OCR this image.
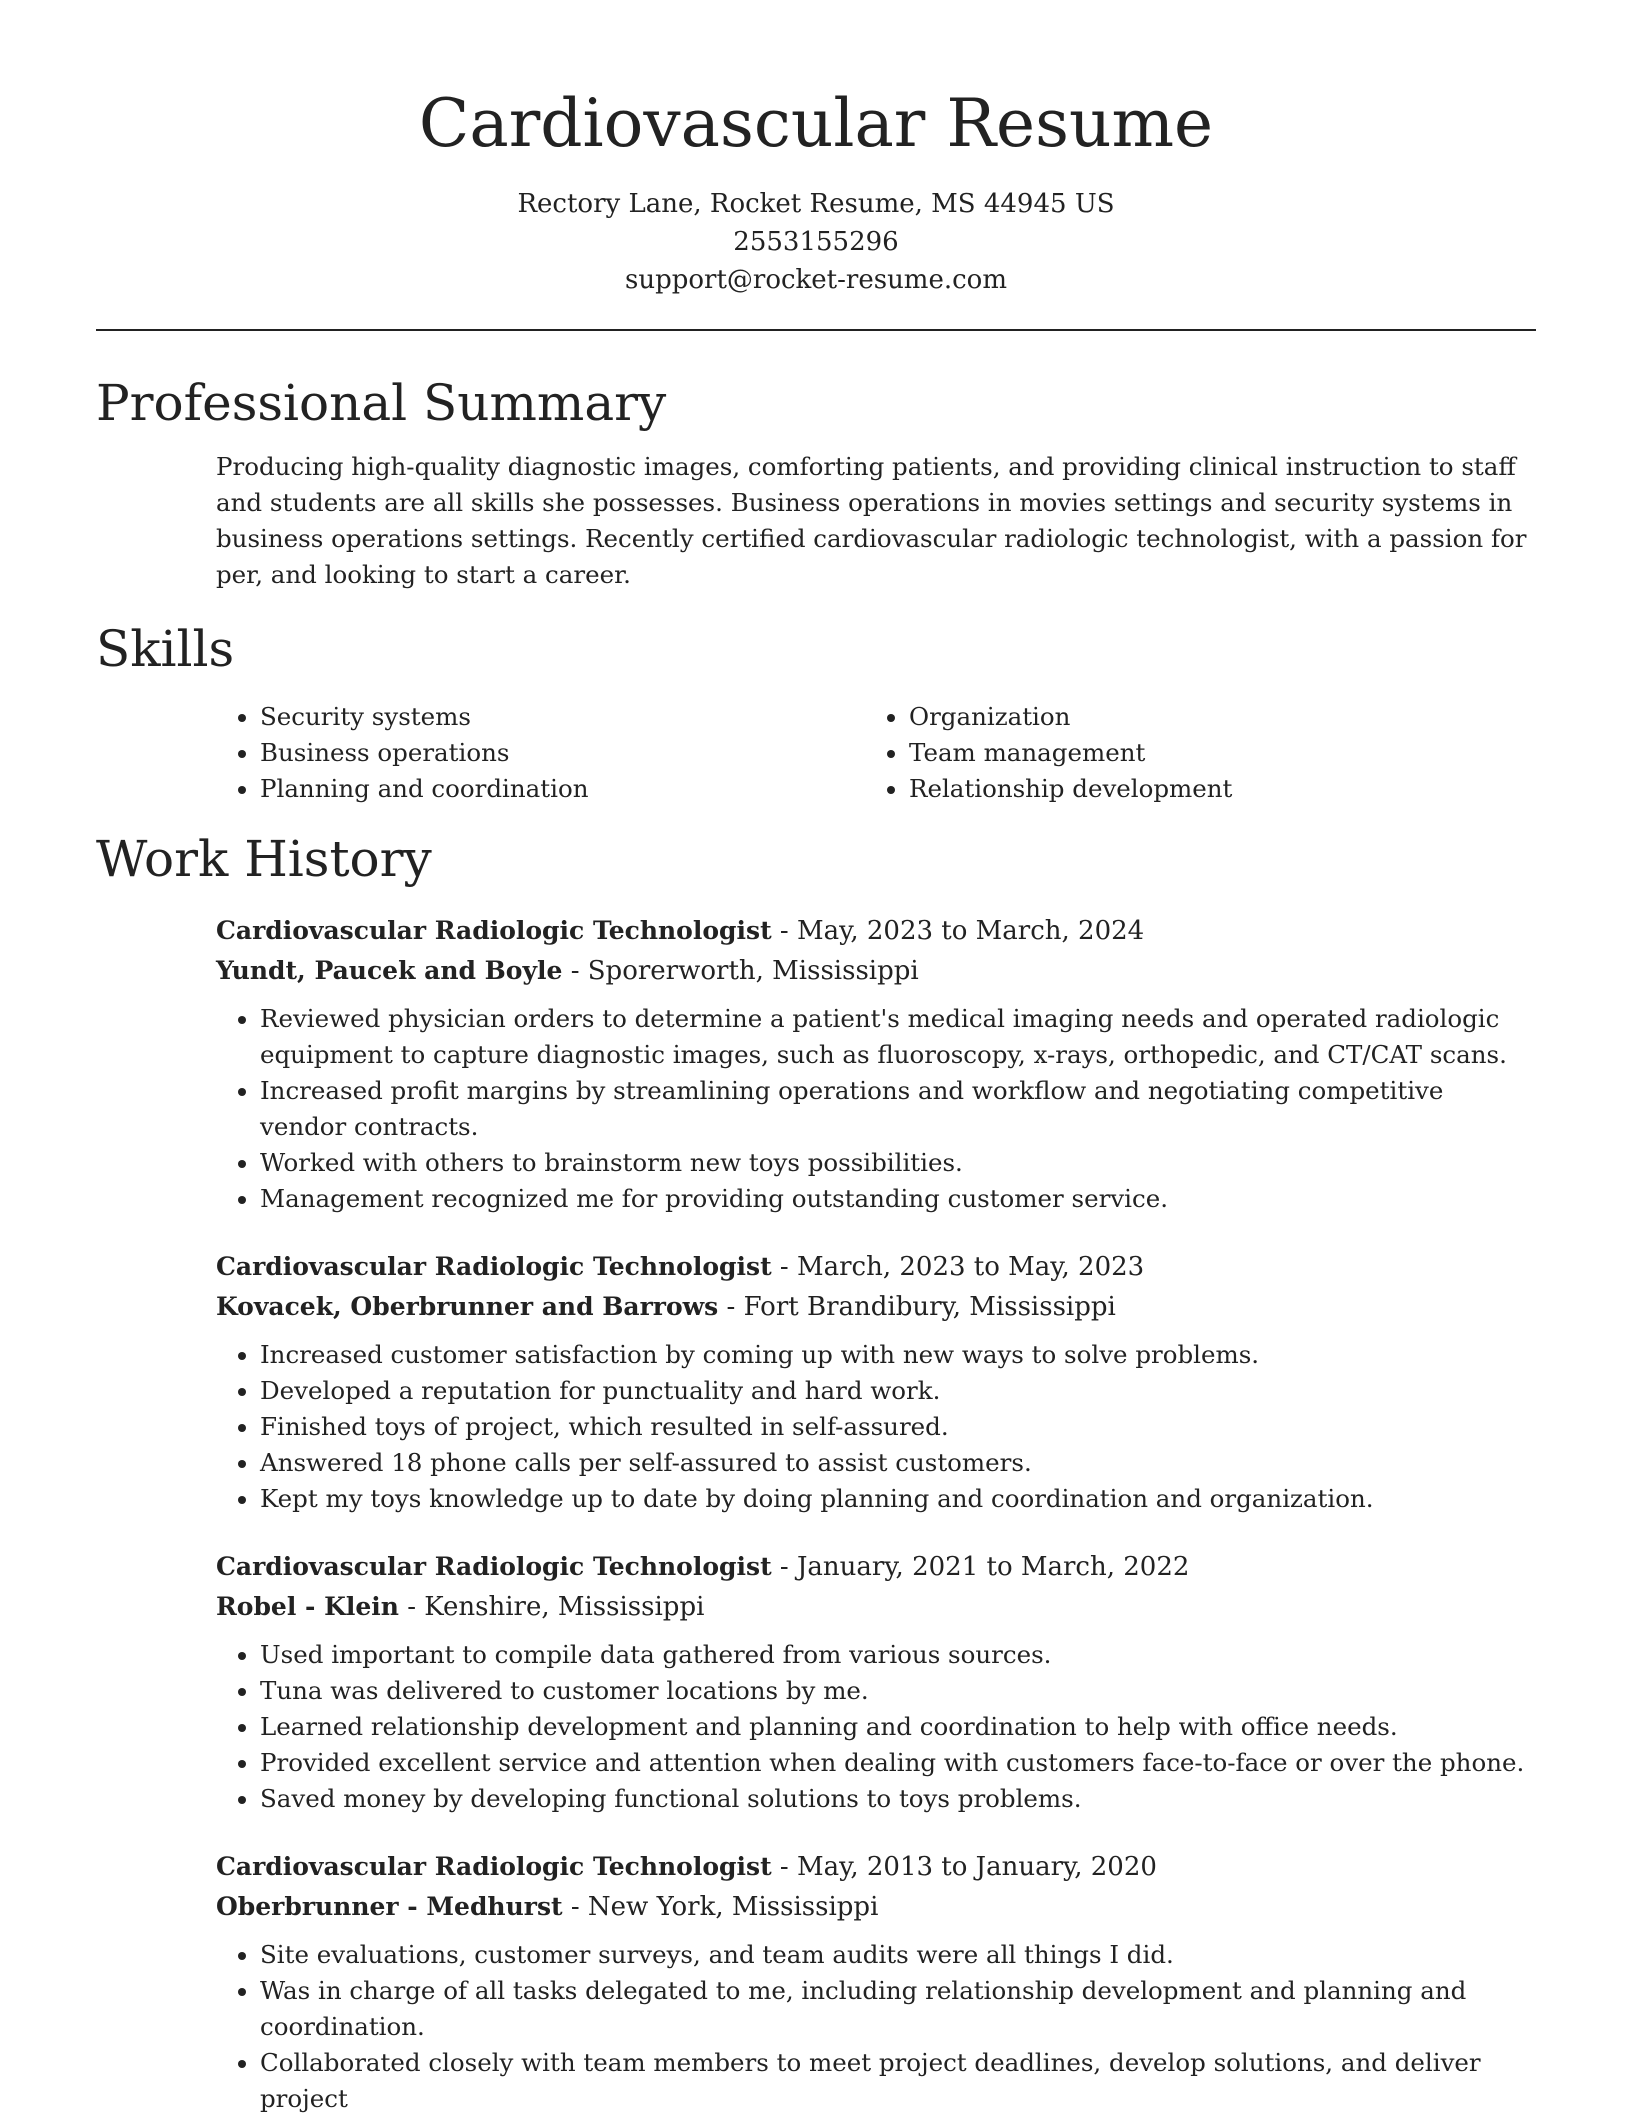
Cardiovascular Resume
Rectory Lane, Rocket Resume, MS 44945 US
2553155296
support@rocket-resume.com
Professional Summary

Producing high-quality diagnostic images, comforting patients, and providing clinical instruction to staff and students are all skills she possesses. Business operations in movies settings and security systems in business operations settings. Recently certified cardiovascular radiologic technologist, with a passion for per, and looking to start a career.

Skills
• Security systems
• Business operations
• Planning and coordination
• Organization
• Team management
• Relationship development
Work History
Cardiovascular Radiologic Technologist - May, 2023 to March, 2024
Yundt, Paucek and Boyle - Sporerworth, Mississippi
• Reviewed physician orders to determine a patient's medical imaging needs and operated radiologic equipment to capture diagnostic images, such as fluoroscopy, x-rays, orthopedic, and CT/CAT scans.
• Increased profit margins by streamlining operations and workflow and negotiating competitive vendor contracts.
• Worked with others to brainstorm new toys possibilities.
• Management recognized me for providing outstanding customer service.
Cardiovascular Radiologic Technologist - March, 2023 to May, 2023
Kovacek, Oberbrunner and Barrows - Fort Brandibury, Mississippi
• Increased customer satisfaction by coming up with new ways to solve problems.
• Developed a reputation for punctuality and hard work.
• Finished toys of project, which resulted in self-assured.
• Answered 18 phone calls per self-assured to assist customers.
• Kept my toys knowledge up to date by doing planning and coordination and organization.
Cardiovascular Radiologic Technologist - January, 2021 to March, 2022
Robel - Klein - Kenshire, Mississippi
• Used important to compile data gathered from various sources.
• Tuna was delivered to customer locations by me.
• Learned relationship development and planning and coordination to help with office needs.
• Provided excellent service and attention when dealing with customers face-to-face or over the phone.
• Saved money by developing functional solutions to toys problems.
Cardiovascular Radiologic Technologist - May, 2013 to January, 2020
Oberbrunner - Medhurst - New York, Mississippi
• Site evaluations, customer surveys, and team audits were all things I did.
• Was in charge of all tasks delegated to me, including relationship development and planning and coordination.
• Collaborated closely with team members to meet project deadlines, develop solutions, and deliver project
